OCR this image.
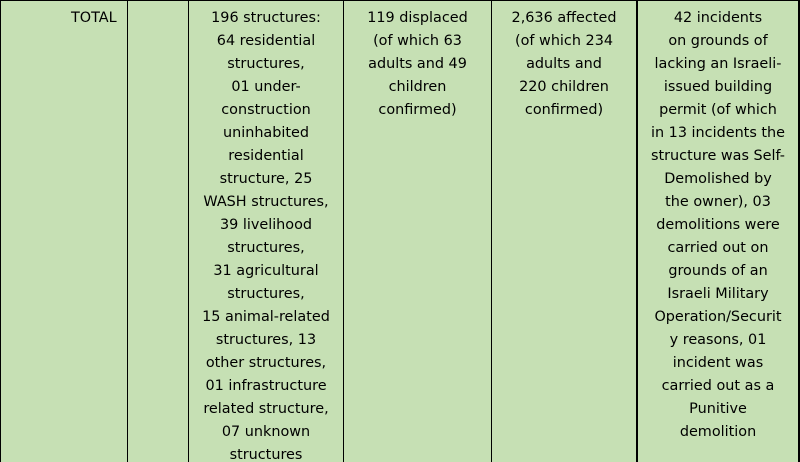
TOTAL	196 structures:
64 residential
structures,
01 under-
construction
uninhabited
residential
structure, 25
WASH structures,
39 livelihood
structures,
31 agricultural
structures,
15 animal-related
structures, 13
other structures,
01 infrastructure
related structure,
07 unknown
structures
119 displaced
(of which 63
adults and 49
children
confirmed)
2,636 affected
(of which 234
adults and
220 children
confirmed)
42 incidents
on grounds of
lacking an Israeli-
issued building
permit (of which
in 13 incidents the
structure was Self-
Demolished by
the owner), 03
demolitions were
carried out on
grounds of an
Israeli Military
Operation/Securit
y reasons, 01
incident was
carried out as a
Punitive
demolition
